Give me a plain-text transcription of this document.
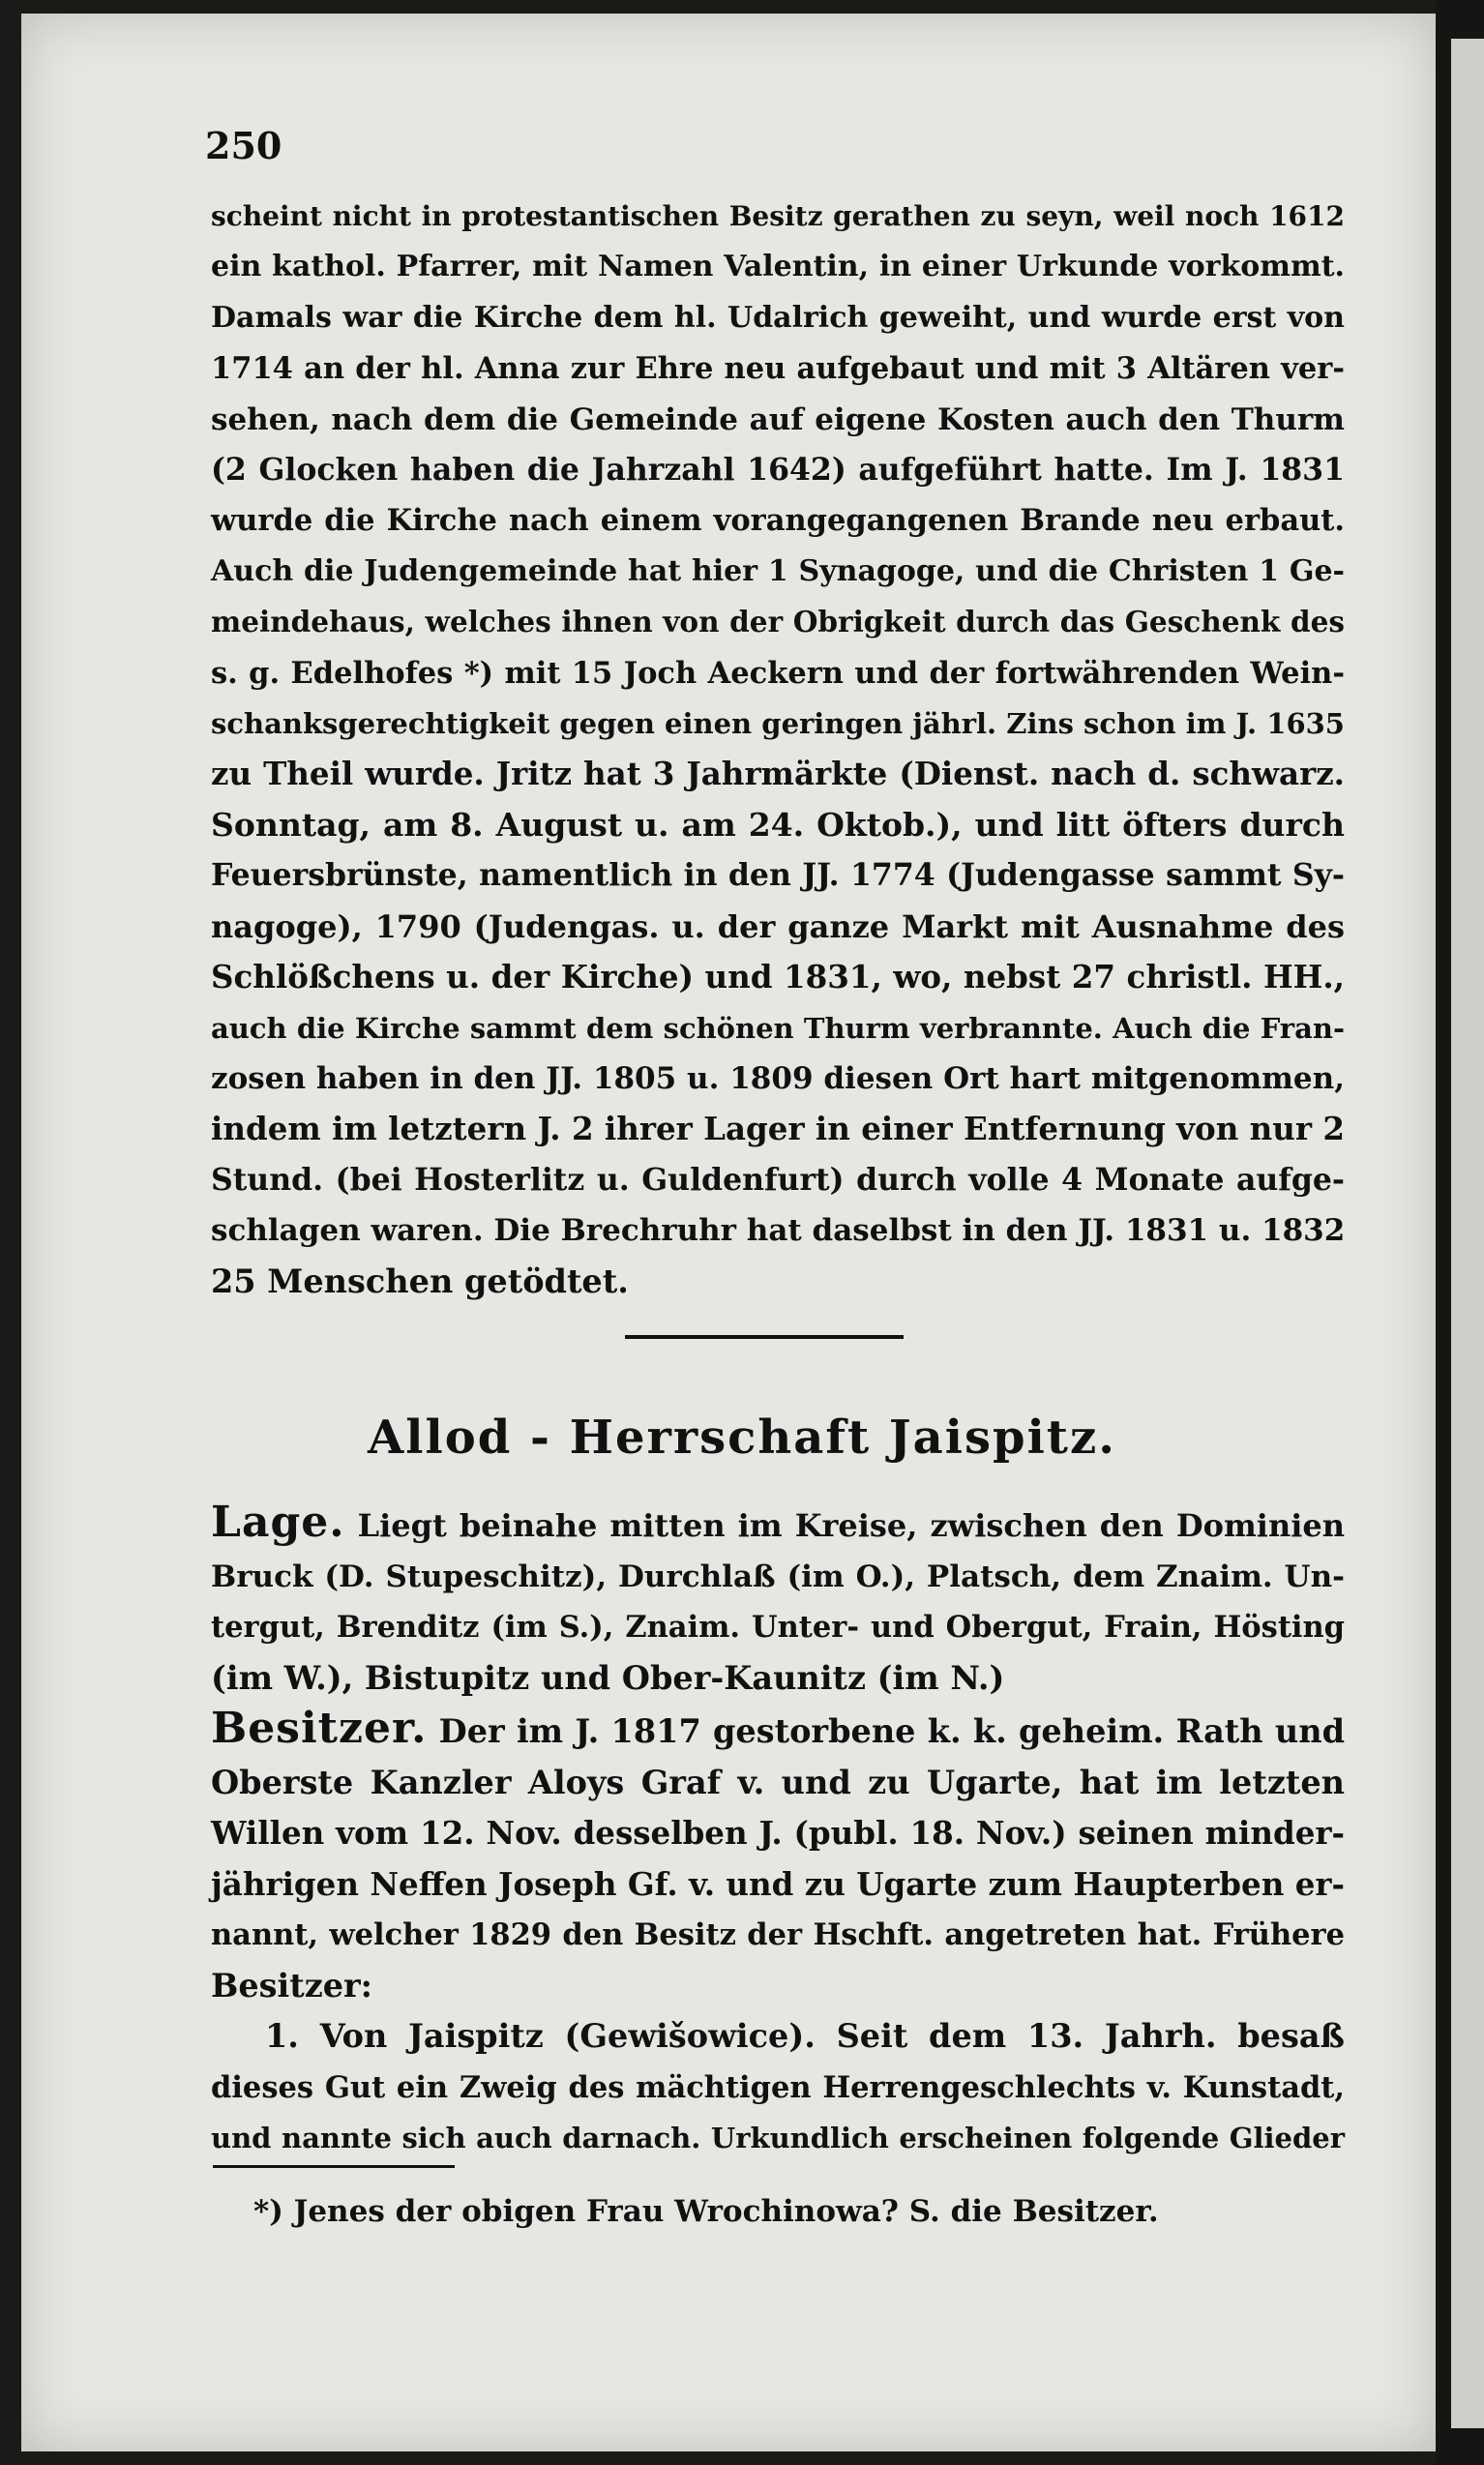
250
scheint nicht in protestantischen Besitz gerathen zu seyn, weil noch 1612
ein kathol. Pfarrer, mit Namen Valentin, in einer Urkunde vorkommt.
Damals war die Kirche dem hl. Udalrich geweiht, und wurde erst von
1714 an der hl. Anna zur Ehre neu aufgebaut und mit 3 Altären ver-
sehen, nach dem die Gemeinde auf eigene Kosten auch den Thurm
(2 Glocken haben die Jahrzahl 1642) aufgeführt hatte. Im J. 1831
wurde die Kirche nach einem vorangegangenen Brande neu erbaut.
Auch die Judengemeinde hat hier 1 Synagoge, und die Christen 1 Ge-
meindehaus, welches ihnen von der Obrigkeit durch das Geschenk des
s. g. Edelhofes *) mit 15 Joch Aeckern und der fortwährenden Wein-
schanksgerechtigkeit gegen einen geringen jährl. Zins schon im J. 1635
zu Theil wurde. Jritz hat 3 Jahrmärkte (Dienst. nach d. schwarz.
Sonntag, am 8. August u. am 24. Oktob.), und litt öfters durch
Feuersbrünste, namentlich in den JJ. 1774 (Judengasse sammt Sy-
nagoge), 1790 (Judengas. u. der ganze Markt mit Ausnahme des
Schlößchens u. der Kirche) und 1831, wo, nebst 27 christl. HH.,
auch die Kirche sammt dem schönen Thurm verbrannte. Auch die Fran-
zosen haben in den JJ. 1805 u. 1809 diesen Ort hart mitgenommen,
indem im letztern J. 2 ihrer Lager in einer Entfernung von nur 2
Stund. (bei Hosterlitz u. Guldenfurt) durch volle 4 Monate aufge-
schlagen waren. Die Brechruhr hat daselbst in den JJ. 1831 u. 1832
25 Menschen getödtet.
Allod - Herrschaft Jaispitz.
Lage. Liegt beinahe mitten im Kreise, zwischen den Dominien
Bruck (D. Stupeschitz), Durchlaß (im O.), Platsch, dem Znaim. Un-
tergut, Brenditz (im S.), Znaim. Unter- und Obergut, Frain, Hösting
(im W.), Bistupitz und Ober-Kaunitz (im N.)
Besitzer. Der im J. 1817 gestorbene k. k. geheim. Rath und
Oberste Kanzler Aloys Graf v. und zu Ugarte, hat im letzten
Willen vom 12. Nov. desselben J. (publ. 18. Nov.) seinen minder-
jährigen Neffen Joseph Gf. v. und zu Ugarte zum Haupterben er-
nannt, welcher 1829 den Besitz der Hschft. angetreten hat. Frühere
Besitzer:
1. Von Jaispitz (Gewišowice). Seit dem 13. Jahrh. besaß
dieses Gut ein Zweig des mächtigen Herrengeschlechts v. Kunstadt,
und nannte sich auch darnach. Urkundlich erscheinen folgende Glieder
*) Jenes der obigen Frau Wrochinowa? S. die Besitzer.
